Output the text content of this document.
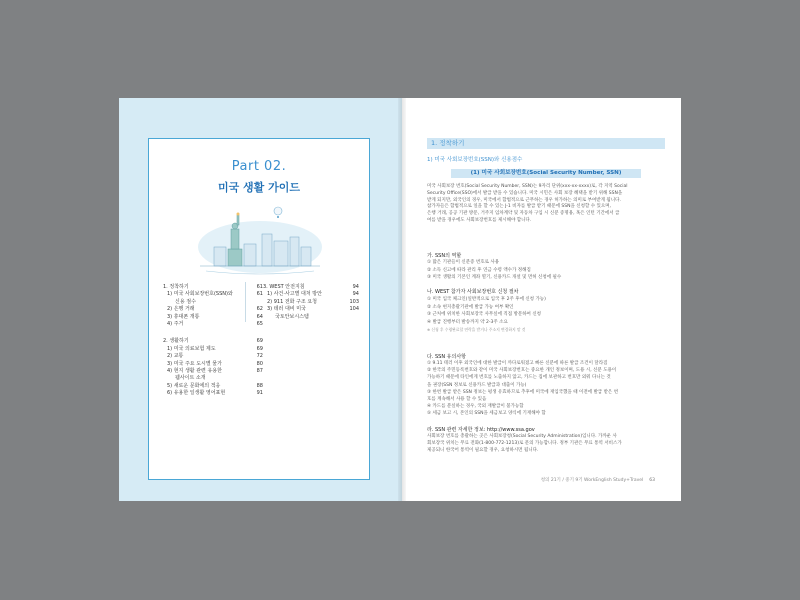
Part 02.
미국 생활 가이드
1. 정착하기	61
1) 미국 사회보장번호(SSN)와	61
신용 점수
2) 은행 거래	62
3) 휴대폰 개통	64
4) 주거	65
2. 생활하기	69
1) 미국 의료보험 제도	69
2) 교통	72
3) 미국 주요 도시별 물가	80
4) 현지 생활 관련 유용한	87
웹사이트 소개
5) 새로운 문화에의 적응	88
6) 유용한 일생활 영어표현	91
3. WEST 안전지침	94
1) 사건·사고별 대처 방안	94
2) 911 전화 구조 요청	103
3) 테러 대비 미국	104
국토안보시스템
1. 정착하기
1) 미국 사회보장번호(SSN)와 신용점수
(1) 미국 사회보장번호(Social Security Number, SSN)
미국 사회보장 번호(Social Security Number, SSN)는 9자리 단위(xxx-xx-xxxx)로, 각 지역 Social
Security Office(SSO)에서 발급 받을 수 있습니다. 미국 시민은 사회 보장 혜택을 받기 위해 SSN을
받게 되지만, 외국인의 경우, 미국에서 합법적으로 근무하는 경우 허가하는 의미로 부여받게 됩니다.
참가자들은 합법적으로 일을 할 수 있는 J-1 비자를 발급 받기 때문에 SSN을 신청할 수 있으며,
은행 거래, 공공 기관 방문, 거주지 임차계약 및 자동차 구입 시 신분 증명용, 혹은 인턴 기간에서 급
여를 받을 경우에도 사회보장번호를 제시해야 합니다.
가. SSN의 역할
① 많은 기관들이 신분증 번호로 사용
② 소득 신고에 따라 관리 후 연금 수령 액수가 정해짐
③ 미국 생활의 기본인 계좌 열기, 신용카드 개설 및 면허 신청에 필수
나. WEST 참가자 사회보장번호 신청 절차
① 미국 입국 체크인(일반적으로 입국 후 2주 후에 신청 가능)
② 소속 현지총괄기관에 발급 가능 여부 확인
③ 근처에 위치한 사회보장국 사무실에 직접 방문하여 신청
④ 발급 진행부터 발송까지 약 2-3주 소요
※ 신청 후 수령완료할 연락을 받거나 주소지 변경하지 말 것
다. SSN 유의사항
① 9.11 테러 이후 외국인에 대한 발급이 까다로워졌고 빠른 신분에 따른 발급 조건이 달라짐
② 한국의 주민등록번호와 같이 미국 사회보장번호는 중요한 개인 정보이며, 도용 시, 신분 도용이
가능하기 때문에 타인에게 번호를 노출하지 않고, 카드는 집에 보관하고 번호만 외워 다니는 것
을 권장(SSN 정보로 신용카드 발급과 대출이 가능)
③ 한번 발급 받은 SSN 정보는 평생 유효하므로 추후에 미국에 재입국했을 때 이전에 발급 받은 번
호를 계속해서 사용 할 수 있음
④ 카드를 분실하는 경우, 국외 재발급이 불가능함
⑤ 세금 보고 시, 본인의 SSN을 세금보고 양식에 기재해야 함
라. SSN 관련 자세한 정보: http://www.ssa.gov
사회보장 번호를 총괄하는 곳은 사회보장청(Social Security Administration)입니다. 가까운 사
회보장국 위치는 무료 전화(1-800-772-1213)로 문의 가능합니다. 정부 기관은 무료 통역 서비스가
제공되니 한국어 통역이 필요할 경우, 요청하시면 됩니다.
청의 21기 / 중기 9기 WorkEnglish Study+Travel 63
